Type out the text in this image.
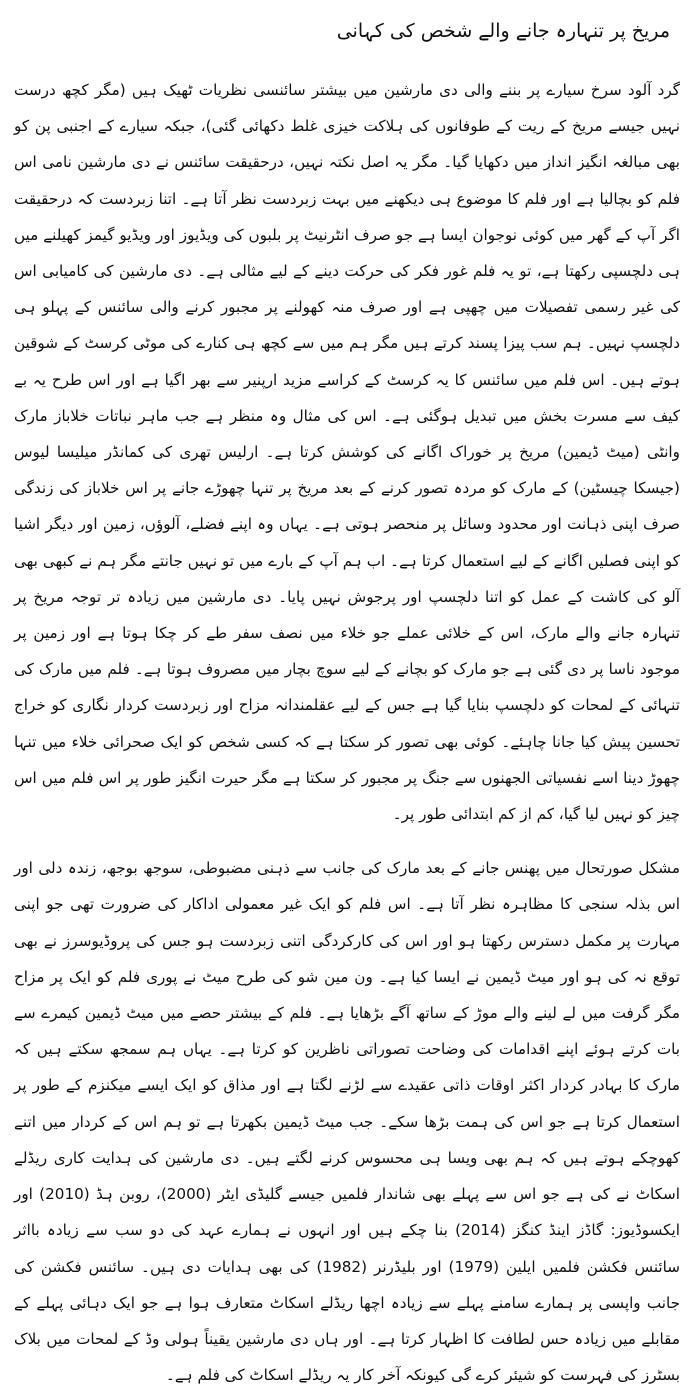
مریخ پر تنہارہ جانے والے شخص کی کہانی

گرد آلود سرخ سیارے پر بننے والی دی مارشین میں بیشتر سائنسی نظریات ٹھیک ہیں (مگر کچھ درست نہیں جیسے مریخ کے ریت کے طوفانوں کی ہلاکت خیزی غلط دکھائی گئی)، جبکہ سیارے کے اجنبی پن کو بھی مبالغہ انگیز انداز میں دکھایا گیا۔ مگر یہ اصل نکتہ نہیں، درحقیقت سائنس نے دی مارشین نامی اس فلم کو بچالیا ہے اور فلم کا موضوع ہی دیکھنے میں بہت زبردست نظر آتا ہے۔ اتنا زبردست کہ درحقیقت اگر آپ کے گھر میں کوئی نوجوان ایسا ہے جو صرف انٹرنیٹ پر بلبوں کی ویڈیوز اور ویڈیو گیمز کھیلنے میں ہی دلچسپی رکھتا ہے، تو یہ فلم غور فکر کی حرکت دینے کے لیے مثالی ہے۔ دی مارشین کی کامیابی اس کی غیر رسمی تفصیلات میں چھپی ہے اور صرف منہ کھولنے پر مجبور کرنے والی سائنس کے پہلو ہی دلچسپ نہیں۔ ہم سب پیزا پسند کرتے ہیں مگر ہم میں سے کچھ ہی کنارے کی موٹی کرسٹ کے شوقین ہوتے ہیں۔ اس فلم میں سائنس کا یہ کرسٹ کے کراسے مزید ارپنیر سے بھر اگیا ہے اور اس طرح یہ بے کیف سے مسرت بخش میں تبدیل ہوگئی ہے۔ اس کی مثال وہ منظر ہے جب ماہر نباتات خلاباز مارک وانٹی (میٹ ڈیمین) مریخ پر خوراک اگانے کی کوشش کرتا ہے۔ ارلیس تھری کی کمانڈر میلیسا لیوس (جیسکا چیسٹین) کے مارک کو مردہ تصور کرنے کے بعد مریخ پر تنہا چھوڑے جانے پر اس خلاباز کی زندگی صرف اپنی ذہانت اور محدود وسائل پر منحصر ہوتی ہے۔ یہاں وہ اپنے فضلے، آلوؤں، زمین اور دیگر اشیا کو اپنی فصلیں اگانے کے لیے استعمال کرتا ہے۔ اب ہم آپ کے بارے میں تو نہیں جانتے مگر ہم نے کبھی بھی آلو کی کاشت کے عمل کو اتنا دلچسپ اور پرجوش نہیں پایا۔ دی مارشین میں زیادہ تر توجہ مریخ پر تنہارہ جانے والے مارک، اس کے خلائی عملے جو خلاء میں نصف سفر طے کر چکا ہوتا ہے اور زمین پر موجود ناسا پر دی گئی ہے جو مارک کو بچانے کے لیے سوچ بچار میں مصروف ہوتا ہے۔ فلم میں مارک کی تنہائی کے لمحات کو دلچسپ بنایا گیا ہے جس کے لیے عقلمندانہ مزاح اور زبردست کردار نگاری کو خراج تحسین پیش کیا جانا چاہئے۔ کوئی بھی تصور کر سکتا ہے کہ کسی شخص کو ایک صحرائی خلاء میں تنہا چھوڑ دینا اسے نفسیاتی الجھنوں سے جنگ پر مجبور کر سکتا ہے مگر حیرت انگیز طور پر اس فلم میں اس چیز کو نہیں لیا گیا، کم از کم ابتدائی طور پر۔

مشکل صورتحال میں پھنس جانے کے بعد مارک کی جانب سے ذہنی مضبوطی، سوجھ بوجھ، زندہ دلی اور اس بذلہ سنجی کا مظاہرہ نظر آتا ہے۔ اس فلم کو ایک غیر معمولی اداکار کی ضرورت تھی جو اپنی مہارت پر مکمل دسترس رکھتا ہو اور اس کی کارکردگی اتنی زبردست ہو جس کی پروڈیوسرز نے بھی توقع نہ کی ہو اور میٹ ڈیمین نے ایسا کیا ہے۔ ون مین شو کی طرح میٹ نے پوری فلم کو ایک پر مزاح مگر گرفت میں لے لینے والے موڑ کے ساتھ آگے بڑھایا ہے۔ فلم کے بیشتر حصے میں میٹ ڈیمین کیمرے سے بات کرتے ہوئے اپنے اقدامات کی وضاحت تصوراتی ناظرین کو کرتا ہے۔ یہاں ہم سمجھ سکتے ہیں کہ مارک کا بہادر کردار اکثر اوقات ذاتی عقیدے سے لڑنے لگتا ہے اور مذاق کو ایک ایسے میکنزم کے طور پر استعمال کرتا ہے جو اس کی ہمت بڑھا سکے۔ جب میٹ ڈیمین بکھرتا ہے تو ہم اس کے کردار میں اتنے کھوچکے ہوتے ہیں کہ ہم بھی ویسا ہی محسوس کرنے لگتے ہیں۔ دی مارشین کی ہدایت کاری ریڈلے اسکاٹ نے کی ہے جو اس سے پہلے بھی شاندار فلمیں جیسے گلیڈی ایٹر (2000)، روبن ہڈ (2010) اور ایکسوڈیوز: گاڈز اینڈ کنگز (2014) بنا چکے ہیں اور انہوں نے ہمارے عہد کی دو سب سے زیادہ بااثر سائنس فکشن فلمیں ایلین (1979) اور بلیڈرنر (1982) کی بھی ہدایات دی ہیں۔ سائنس فکشن کی جانب واپسی پر ہمارے سامنے پہلے سے زیادہ اچھا ریڈلے اسکاٹ متعارف ہوا ہے جو ایک دہائی پہلے کے مقابلے میں زیادہ حس لطافت کا اظہار کرتا ہے۔ اور ہاں دی مارشین یقیناً ہولی وڈ کے لمحات میں بلاک بسٹرز کی فہرست کو شیئر کرے گی کیونکہ آخر کار یہ ریڈلے اسکاٹ کی فلم ہے۔
